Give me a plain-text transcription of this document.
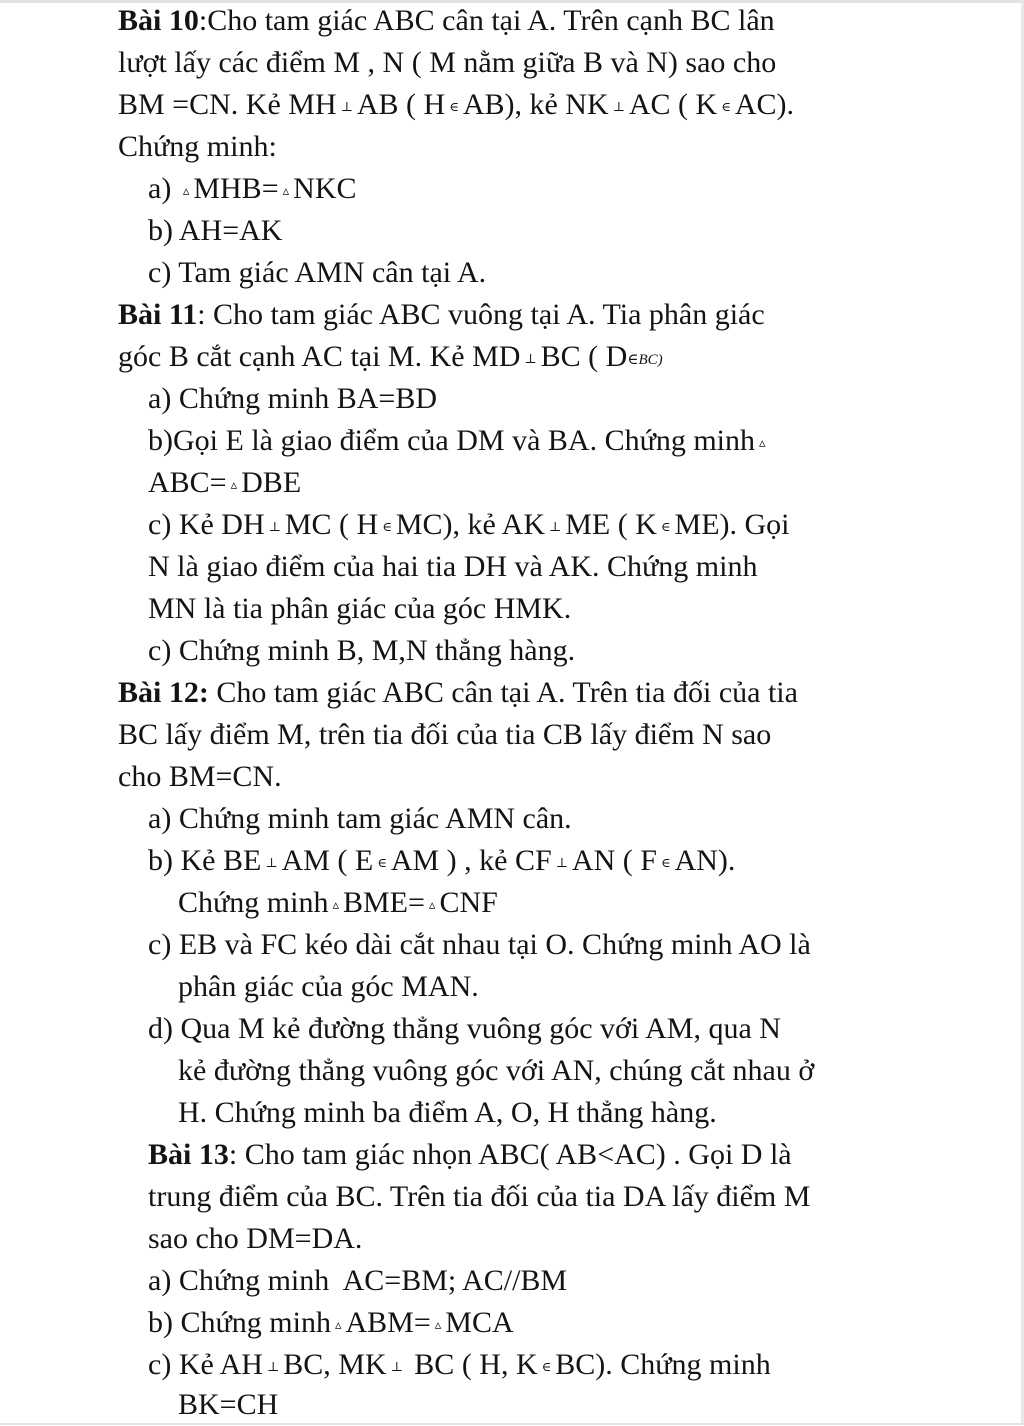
Bài 10:Cho tam giác ABC cân tại A. Trên cạnh BC lân
lượt lấy các điểm M , N ( M nằm giữa B và N) sao cho
BM =CN. Kẻ MH ⊥ AB ( H ∈ AB), kẻ NK ⊥ AC ( K ∈ AC).
Chứng minh:
a) ▵ MHB= ▵ NKC
b) AH=AK
c) Tam giác AMN cân tại A.
Bài 11: Cho tam giác ABC vuông tại A. Tia phân giác
góc B cắt cạnh AC tại M. Kẻ MD ⊥ BC ( D∈BC)
a) Chứng minh BA=BD
b)Gọi E là giao điểm của DM và BA. Chứng minh ▵
ABC= ▵ DBE
c) Kẻ DH ⊥ MC ( H ∈ MC), kẻ AK ⊥ ME ( K ∈ ME). Gọi
N là giao điểm của hai tia DH và AK. Chứng minh
MN là tia phân giác của góc HMK.
c) Chứng minh B, M,N thẳng hàng.
Bài 12: Cho tam giác ABC cân tại A. Trên tia đối của tia
BC lấy điểm M, trên tia đối của tia CB lấy điểm N sao
cho BM=CN.
a) Chứng minh tam giác AMN cân.
b) Kẻ BE ⊥ AM ( E ∈ AM ) , kẻ CF ⊥ AN ( F ∈ AN).
Chứng minh ▵ BME= ▵ CNF
c) EB và FC kéo dài cắt nhau tại O. Chứng minh AO là
phân giác của góc MAN.
d) Qua M kẻ đường thẳng vuông góc với AM, qua N
kẻ đường thẳng vuông góc với AN, chúng cắt nhau ở
H. Chứng minh ba điểm A, O, H thẳng hàng.
Bài 13: Cho tam giác nhọn ABC( AB<AC) . Gọi D là
trung điểm của BC. Trên tia đối của tia DA lấy điểm M
sao cho DM=DA.
a) Chứng minh  AC=BM; AC//BM
b) Chứng minh ▵ ABM= ▵ MCA
c) Kẻ AH ⊥ BC, MK ⊥ BC ( H, K ∈ BC). Chứng minh
BK=CH
